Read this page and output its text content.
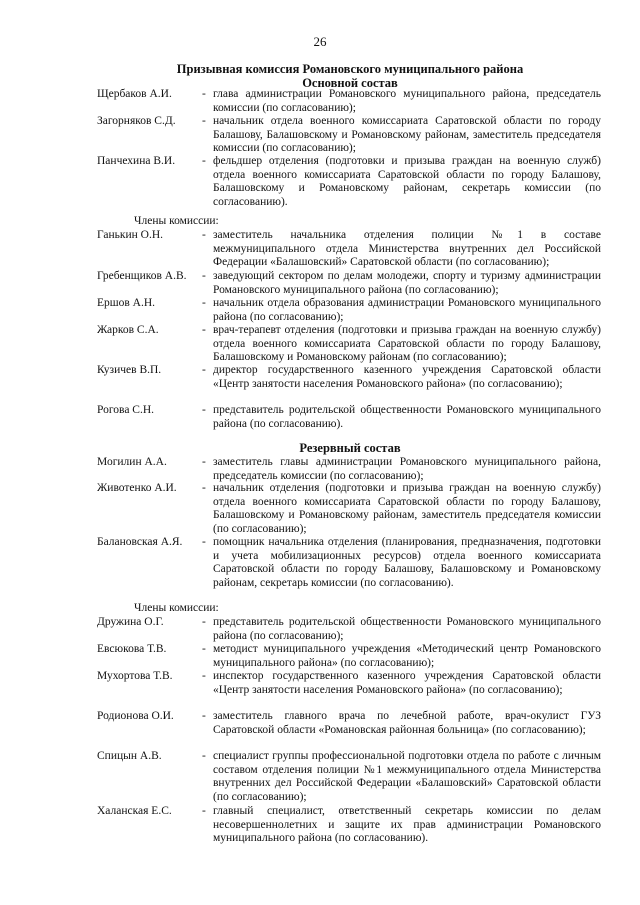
26
Призывная комиссия Романовского муниципального района
Основной состав
Щербаков А.И.	- глава администрации Романовского муниципального района, председатель комиссии (по согласованию);
Загорняков С.Д. - начальник отдела военного комиссариата Саратовской области по городу Балашову, Балашовскому и Романовскому районам, заместитель председателя комиссии (по согласованию);
Панчехина В.И. - фельдшер отделения (подготовки и призыва граждан на военную служб) отдела военного комиссариата Саратовской области по городу Балашову, Балашовскому и Романовскому районам, секретарь комиссии (по согласованию).
Члены комиссии:
Ганькин О.Н.	- заместитель начальника отделения полиции №1 в составе межмуниципального отдела Министерства внутренних дел Российской Федерации «Балашовский» Саратовской области (по согласованию);
Гребенщиков А.В. - заведующий сектором по делам молодежи, спорту и туризму администрации Романовского муниципального района (по согласованию);
Ершов А.Н.	- начальник отдела образования администрации Романовского муниципального района (по согласованию);
Жарков С.А.	- врач-терапевт отделения (подготовки и призыва граждан на военную службу) отдела военного комиссариата Саратовской области по городу Балашову, Балашовскому и Романовскому районам (по согласованию);
Кузичев В.П.	- директор государственного казенного учреждения Саратовской области «Центр занятости населения Романовского района» (по согласованию);
Рогова С.Н.	- представитель родительской общественности Романовского муниципального района (по согласованию).
Резервный состав
Могилин А.А.	- заместитель главы администрации Романовского муниципального района, председатель комиссии (по согласованию);
Животенко А.И. - начальник отделения (подготовки и призыва граждан на военную службу) отдела военного комиссариата Саратовской области по городу Балашову, Балашовскому и Романовскому районам, заместитель председателя комиссии (по согласованию);
Балановская А.Я. - помощник начальника отделения (планирования, предназначения, подготовки и учета мобилизационных ресурсов) отдела военного комиссариата Саратовской области по городу Балашову, Балашовскому и Романовскому районам, секретарь комиссии (по согласованию).
Члены комиссии:
Дружина О.Г.	- представитель родительской общественности Романовского муниципального района (по согласованию);
Евсюкова Т.В.	- методист муниципального учреждения «Методический центр Романовского муниципального района» (по согласованию);
Мухортова Т.В.	- инспектор государственного казенного учреждения Саратовской области «Центр занятости населения Романовского района» (по согласованию);
Родионова О.И. - заместитель главного врача по лечебной работе, врач-окулист ГУЗ Саратовской области «Романовская районная больница» (по согласованию);
Спицын А.В.	- специалист группы профессиональной подготовки отдела по работе с личным составом отделения полиции №1 межмуниципального отдела Министерства внутренних дел Российской Федерации «Балашовский» Саратовской области (по согласованию);
Халанская Е.С.	- главный специалист, ответственный секретарь комиссии по делам несовершеннолетних и защите их прав администрации Романовского муниципального района (по согласованию).
